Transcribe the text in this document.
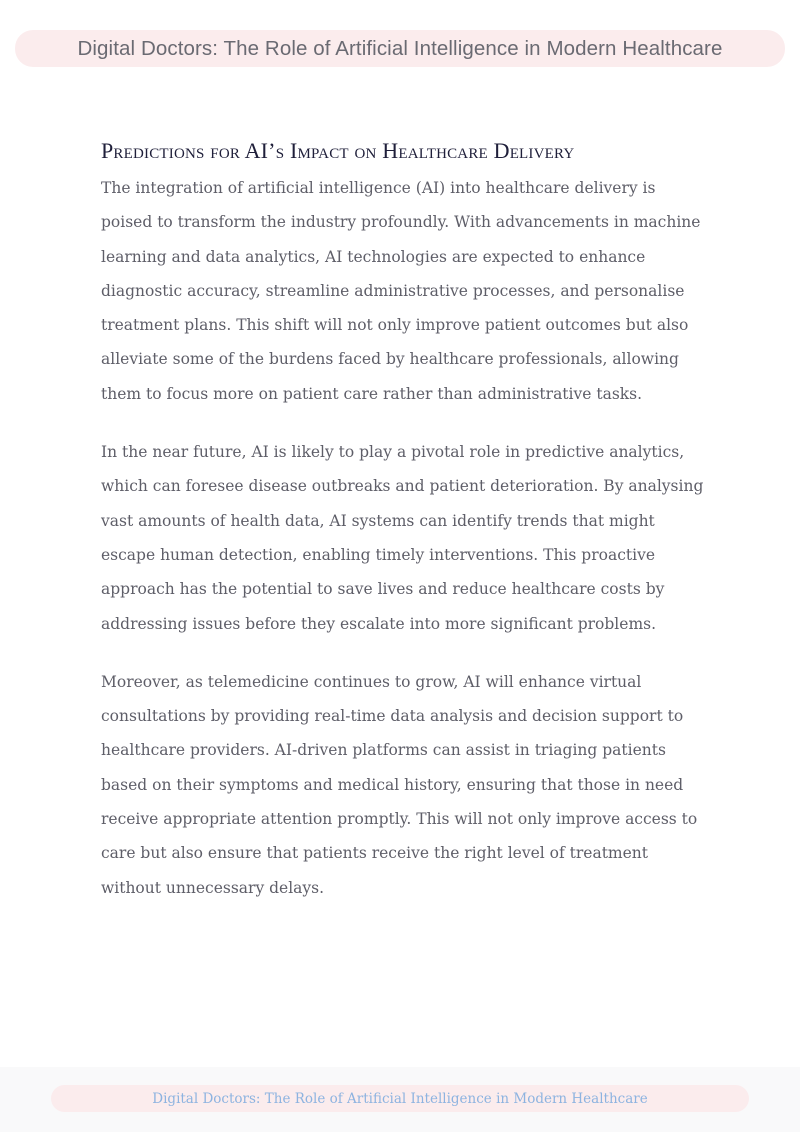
Digital Doctors: The Role of Artificial Intelligence in Modern Healthcare
Predictions for AI’s Impact on Healthcare Delivery

The integration of artificial intelligence (AI) into healthcare delivery is poised to transform the industry profoundly. With advancements in machine learning and data analytics, AI technologies are expected to enhance diagnostic accuracy, streamline administrative processes, and personalise treatment plans. This shift will not only improve patient outcomes but also alleviate some of the burdens faced by healthcare professionals, allowing them to focus more on patient care rather than administrative tasks.

In the near future, AI is likely to play a pivotal role in predictive analytics, which can foresee disease outbreaks and patient deterioration. By analysing vast amounts of health data, AI systems can identify trends that might escape human detection, enabling timely interventions. This proactive approach has the potential to save lives and reduce healthcare costs by addressing issues before they escalate into more significant problems.

Moreover, as telemedicine continues to grow, AI will enhance virtual consultations by providing real-time data analysis and decision support to healthcare providers. AI-driven platforms can assist in triaging patients based on their symptoms and medical history, ensuring that those in need receive appropriate attention promptly. This will not only improve access to care but also ensure that patients receive the right level of treatment without unnecessary delays.

Digital Doctors: The Role of Artificial Intelligence in Modern Healthcare
